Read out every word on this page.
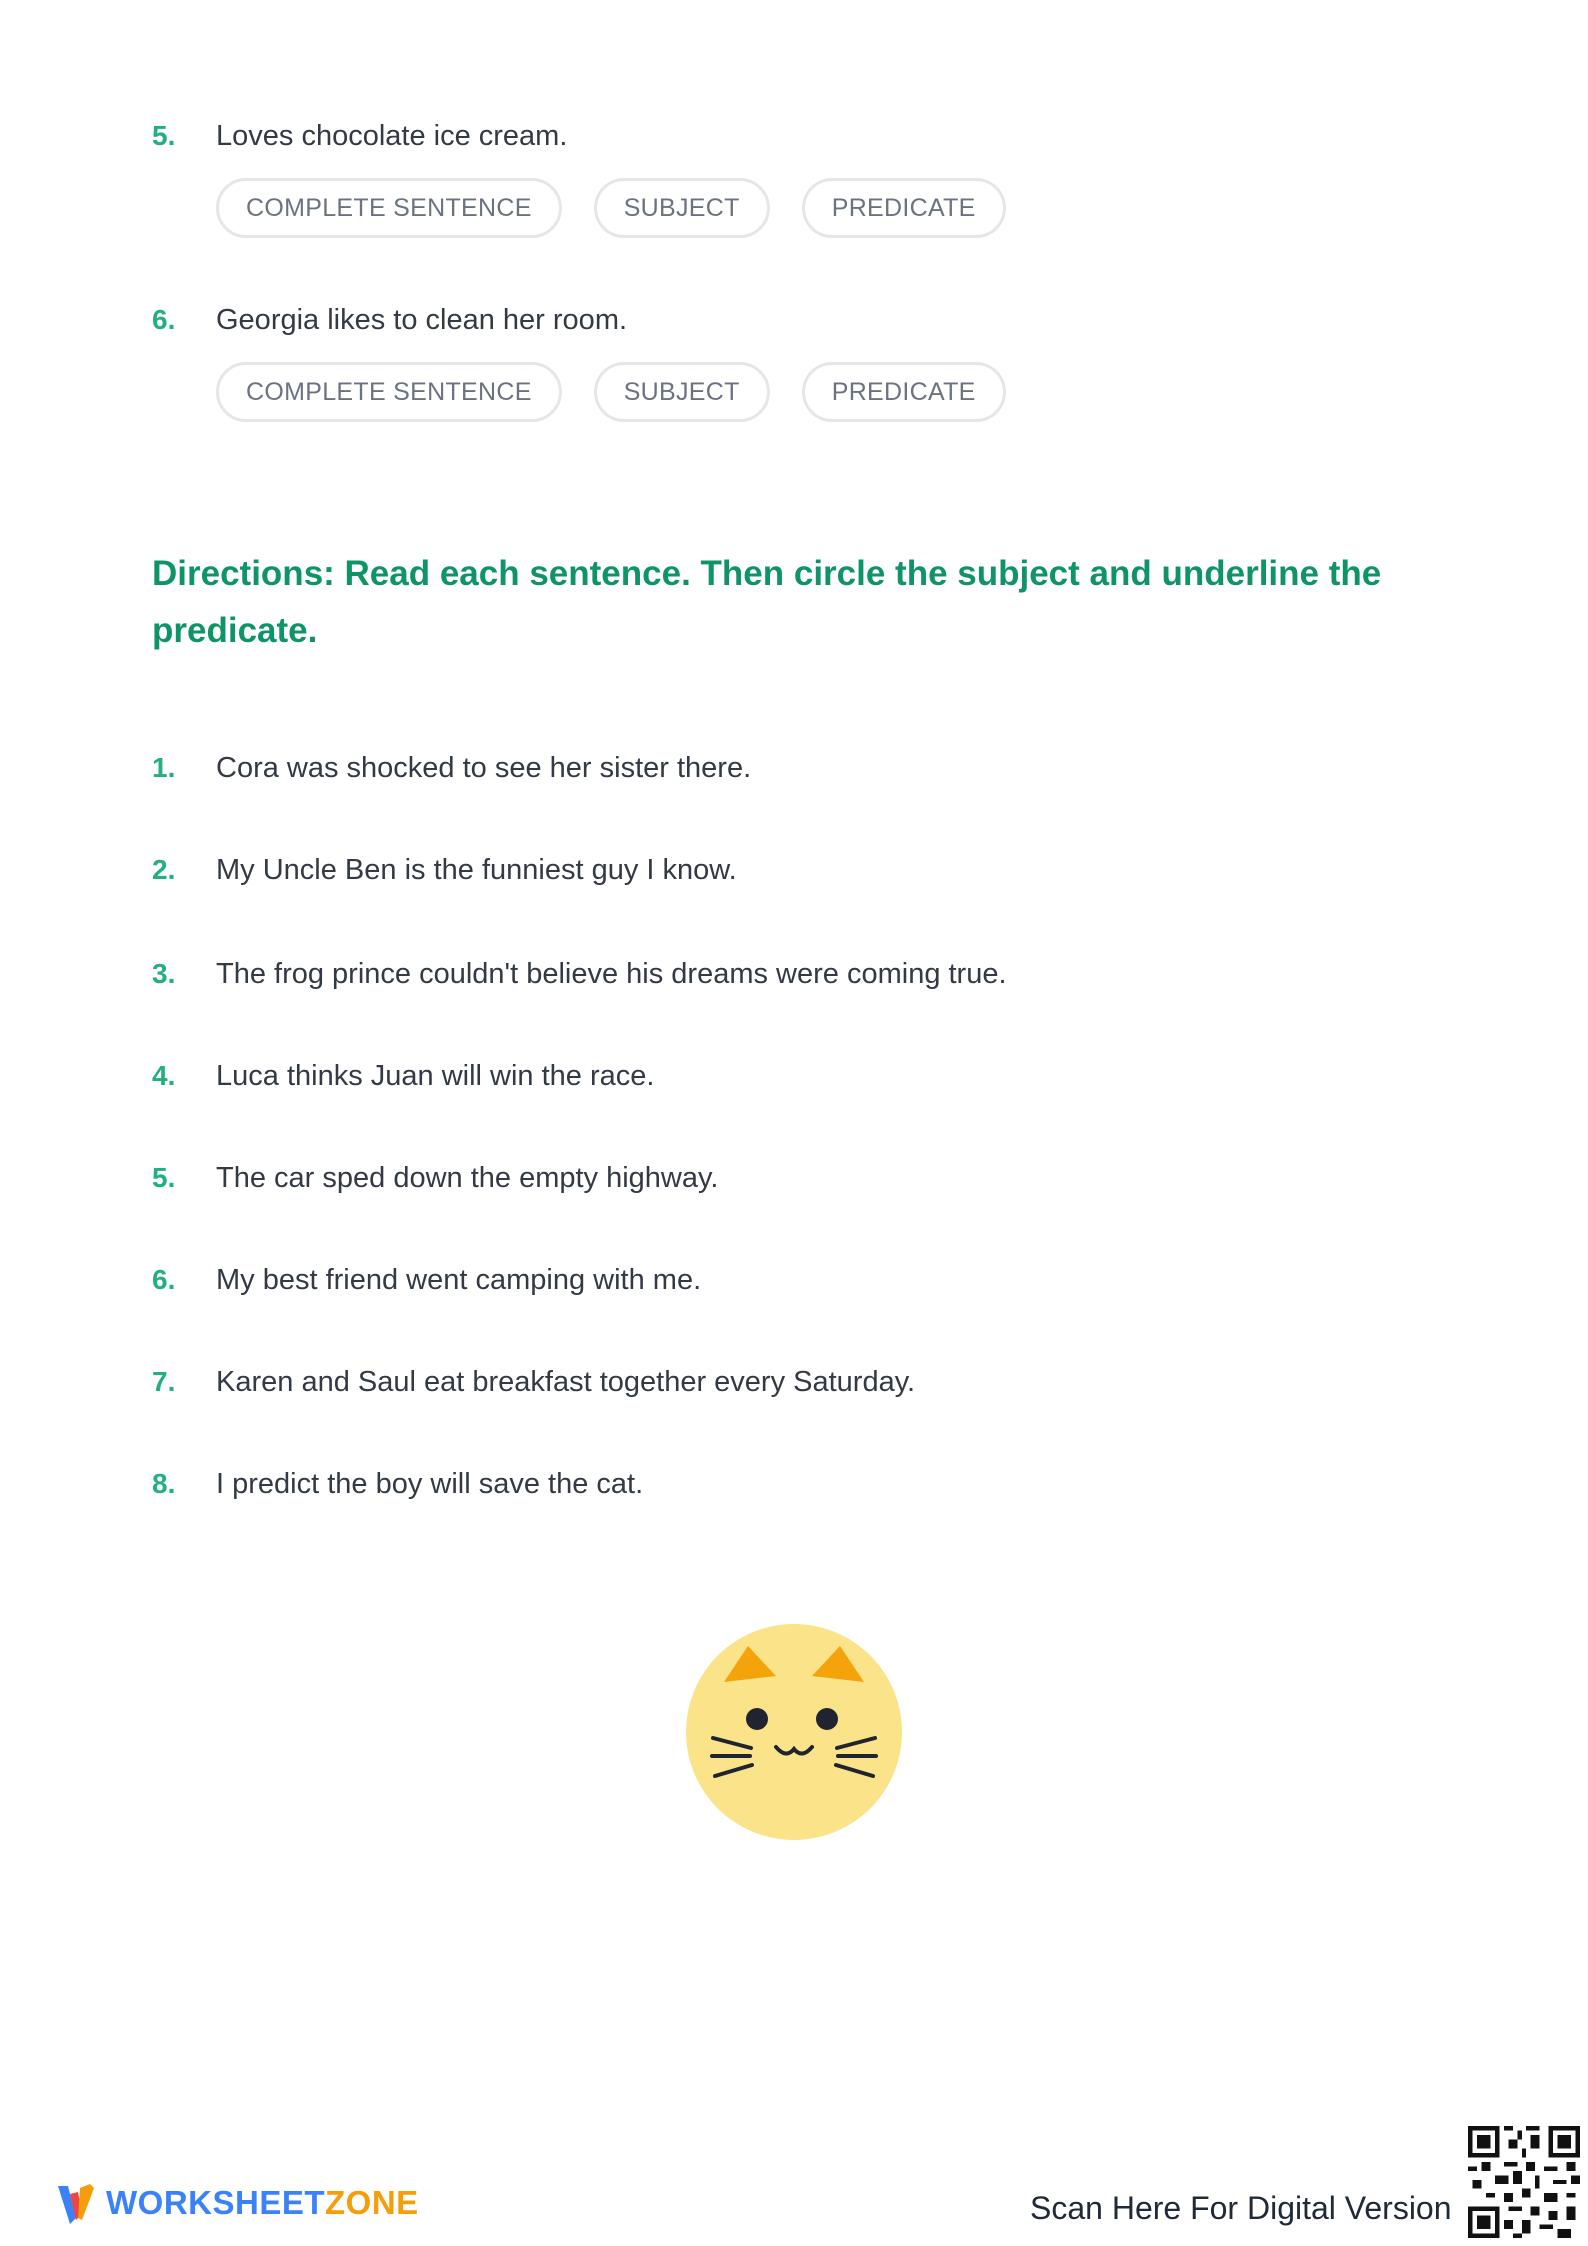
5.	Loves chocolate ice cream.
COMPLETE SENTENCE	SUBJECT	PREDICATE
6.	Georgia likes to clean her room.
COMPLETE SENTENCE	SUBJECT	PREDICATE
Directions: Read each sentence. Then circle the subject and underline the predicate.
1.	Cora was shocked to see her sister there.
2.	My Uncle Ben is the funniest guy I know.
3.	The frog prince couldn't believe his dreams were coming true.
4.	Luca thinks Juan will win the race.
5.	The car sped down the empty highway.
6.	My best friend went camping with me.
7.	Karen and Saul eat breakfast together every Saturday.
8.	I predict the boy will save the cat.
WORKSHEETZONE	Scan Here For Digital Version
